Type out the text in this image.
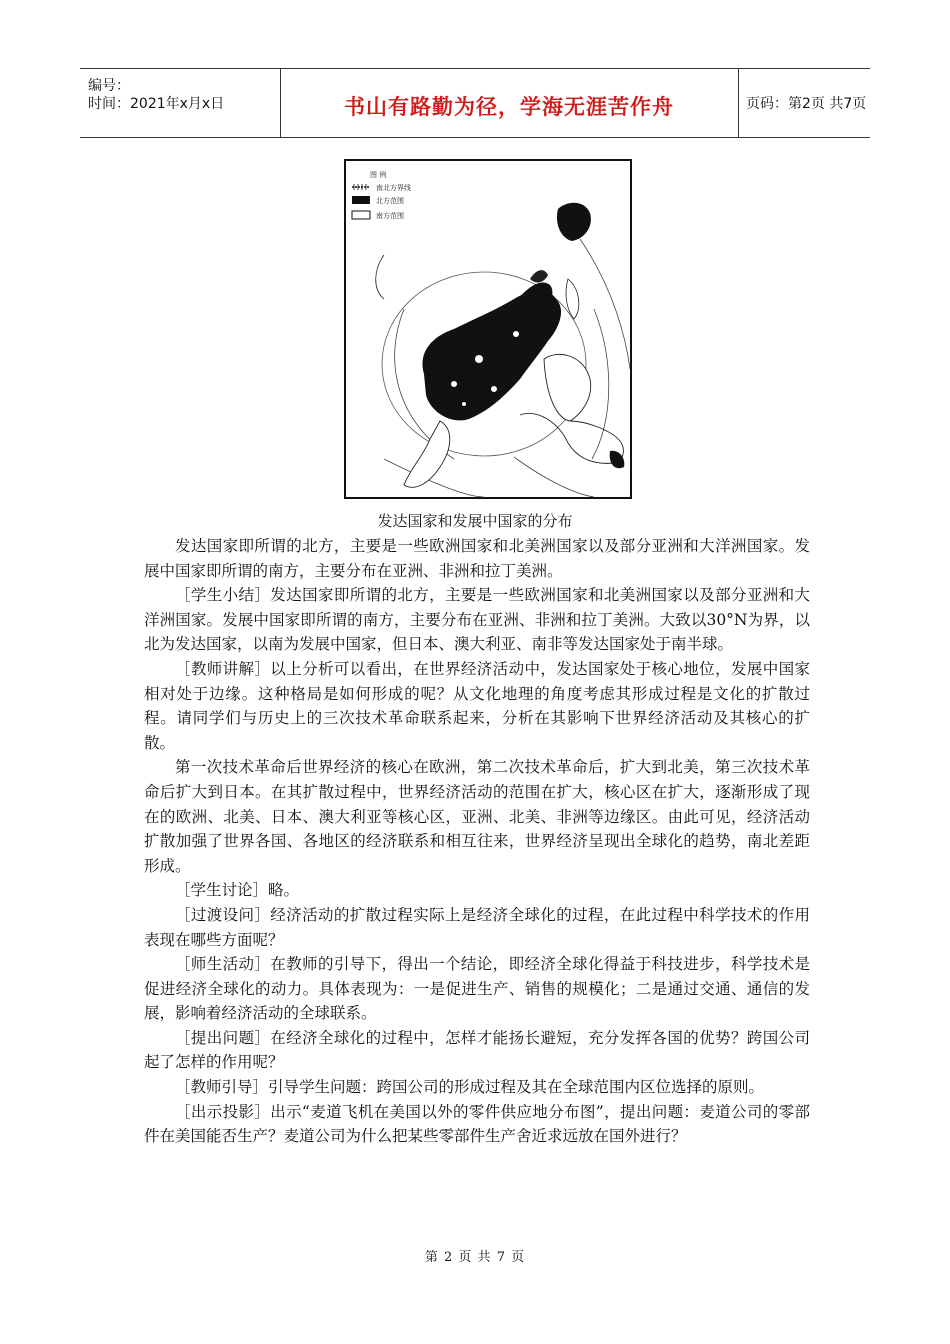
编号：
时间：2021年x月x日	书山有路勤为径，学海无涯苦作舟	页码：第2页 共7页
图 例
南北方界线
北方范围
南方范围
发达国家和发展中国家的分布

发达国家即所谓的北方，主要是一些欧洲国家和北美洲国家以及部分亚洲和大洋洲国家。发展中国家即所谓的南方，主要分布在亚洲、非洲和拉丁美洲。

［学生小结］发达国家即所谓的北方，主要是一些欧洲国家和北美洲国家以及部分亚洲和大洋洲国家。发展中国家即所谓的南方，主要分布在亚洲、非洲和拉丁美洲。大致以30°N为界，以北为发达国家，以南为发展中国家，但日本、澳大利亚、南非等发达国家处于南半球。

［教师讲解］以上分析可以看出，在世界经济活动中，发达国家处于核心地位，发展中国家相对处于边缘。这种格局是如何形成的呢？从文化地理的角度考虑其形成过程是文化的扩散过程。请同学们与历史上的三次技术革命联系起来，分析在其影响下世界经济活动及其核心的扩散。

第一次技术革命后世界经济的核心在欧洲，第二次技术革命后，扩大到北美，第三次技术革命后扩大到日本。在其扩散过程中，世界经济活动的范围在扩大，核心区在扩大，逐渐形成了现在的欧洲、北美、日本、澳大利亚等核心区，亚洲、北美、非洲等边缘区。由此可见，经济活动扩散加强了世界各国、各地区的经济联系和相互往来，世界经济呈现出全球化的趋势，南北差距形成。

［学生讨论］略。

［过渡设问］经济活动的扩散过程实际上是经济全球化的过程，在此过程中科学技术的作用表现在哪些方面呢？

［师生活动］在教师的引导下，得出一个结论，即经济全球化得益于科技进步，科学技术是促进经济全球化的动力。具体表现为：一是促进生产、销售的规模化；二是通过交通、通信的发展，影响着经济活动的全球联系。

［提出问题］在经济全球化的过程中，怎样才能扬长避短，充分发挥各国的优势？跨国公司起了怎样的作用呢？

［教师引导］引导学生问题：跨国公司的形成过程及其在全球范围内区位选择的原则。

［出示投影］出示“麦道飞机在美国以外的零件供应地分布图”，提出问题：麦道公司的零部件在美国能否生产？麦道公司为什么把某些零部件生产舍近求远放在国外进行？

第 2 页 共 7 页
